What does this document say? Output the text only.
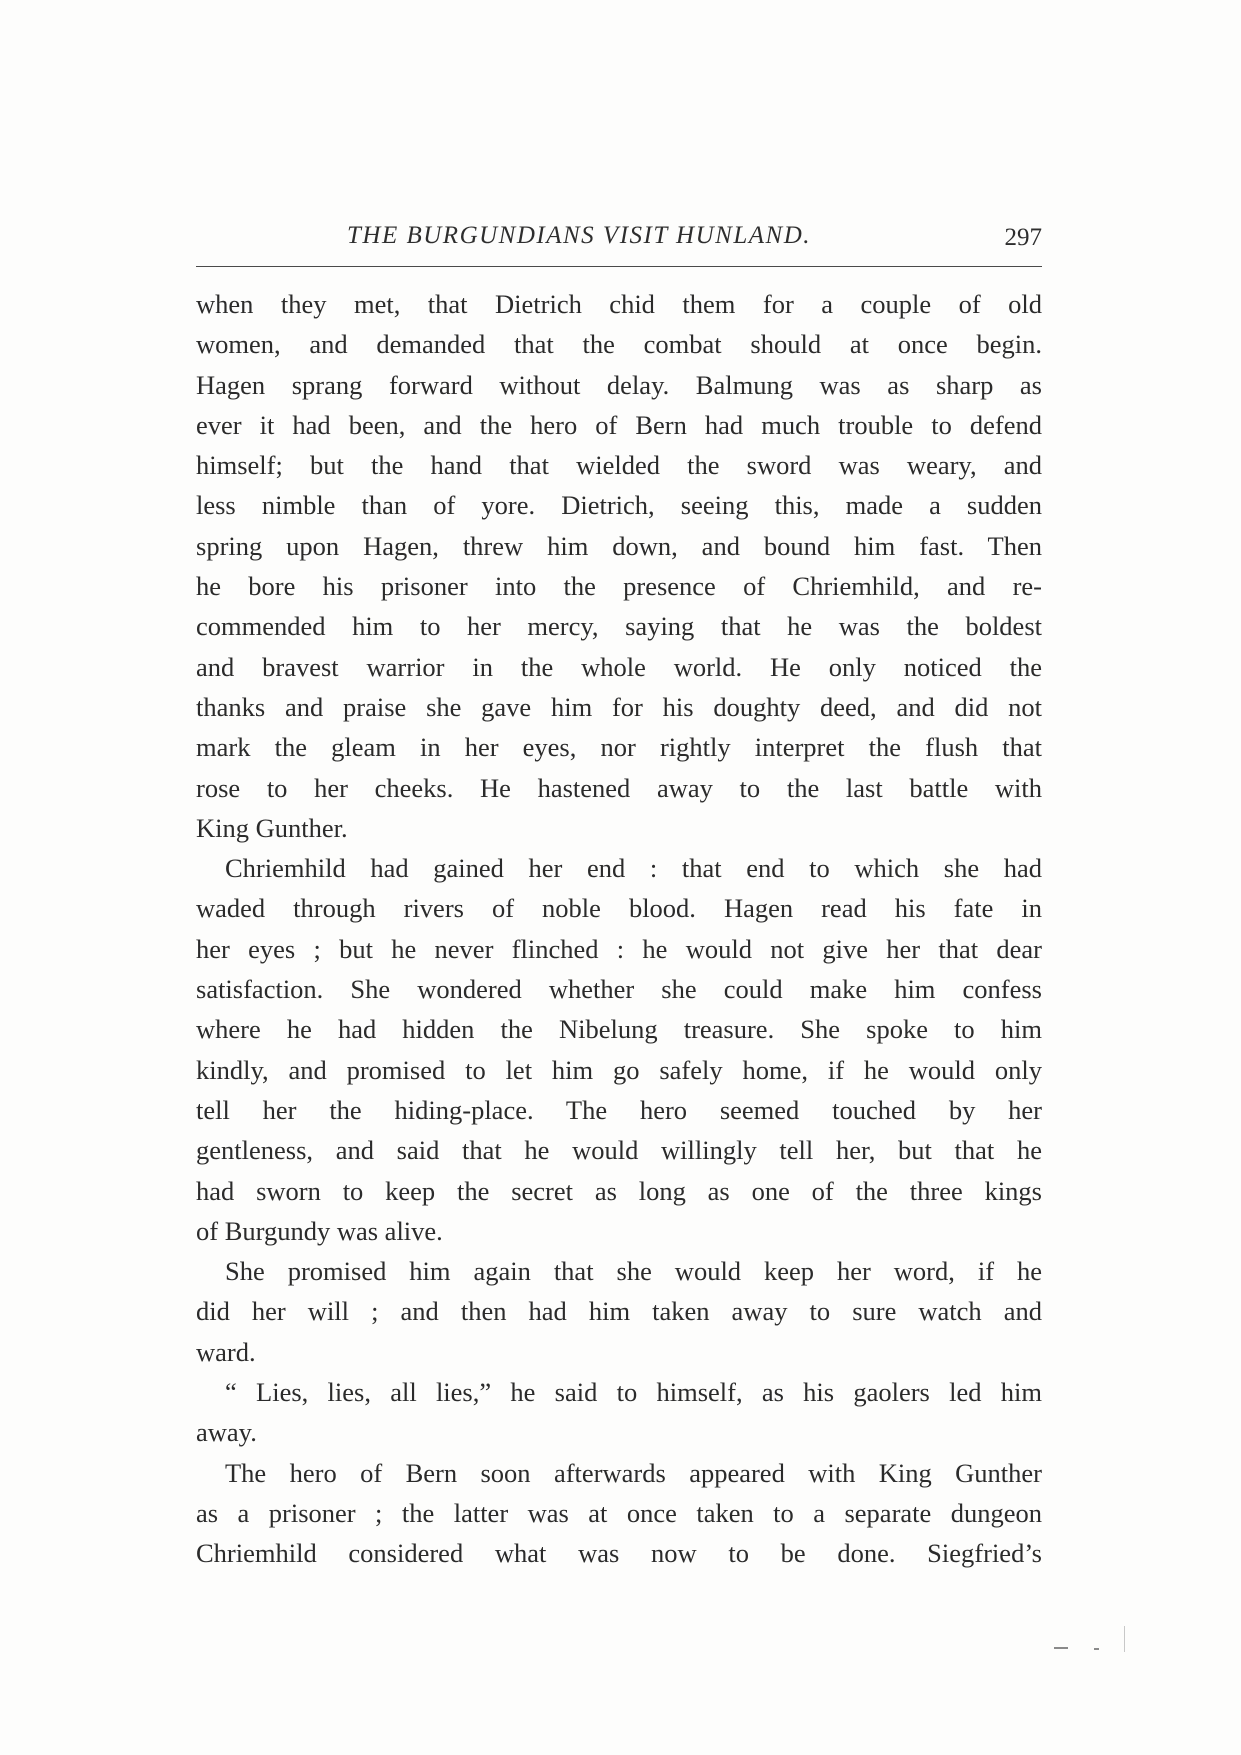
THE BURGUNDIANS VISIT HUNLAND.	297
when they met, that Dietrich chid them for a couple of old
women, and demanded that the combat should at once begin.
Hagen sprang forward without delay. Balmung was as sharp as
ever it had been, and the hero of Bern had much trouble to defend
himself; but the hand that wielded the sword was weary, and
less nimble than of yore. Dietrich, seeing this, made a sudden
spring upon Hagen, threw him down, and bound him fast. Then
he bore his prisoner into the presence of Chriemhild, and re-
commended him to her mercy, saying that he was the boldest
and bravest warrior in the whole world. He only noticed the
thanks and praise she gave him for his doughty deed, and did not
mark the gleam in her eyes, nor rightly interpret the flush that
rose to her cheeks. He hastened away to the last battle with
King Gunther.
Chriemhild had gained her end : that end to which she had
waded through rivers of noble blood. Hagen read his fate in
her eyes ; but he never flinched : he would not give her that dear
satisfaction. She wondered whether she could make him confess
where he had hidden the Nibelung treasure. She spoke to him
kindly, and promised to let him go safely home, if he would only
tell her the hiding-place. The hero seemed touched by her
gentleness, and said that he would willingly tell her, but that he
had sworn to keep the secret as long as one of the three kings
of Burgundy was alive.
She promised him again that she would keep her word, if he
did her will ; and then had him taken away to sure watch and
ward.
“ Lies, lies, all lies,” he said to himself, as his gaolers led him
away.
The hero of Bern soon afterwards appeared with King Gunther
as a prisoner ; the latter was at once taken to a separate dungeon
Chriemhild considered what was now to be done. Siegfried’s
